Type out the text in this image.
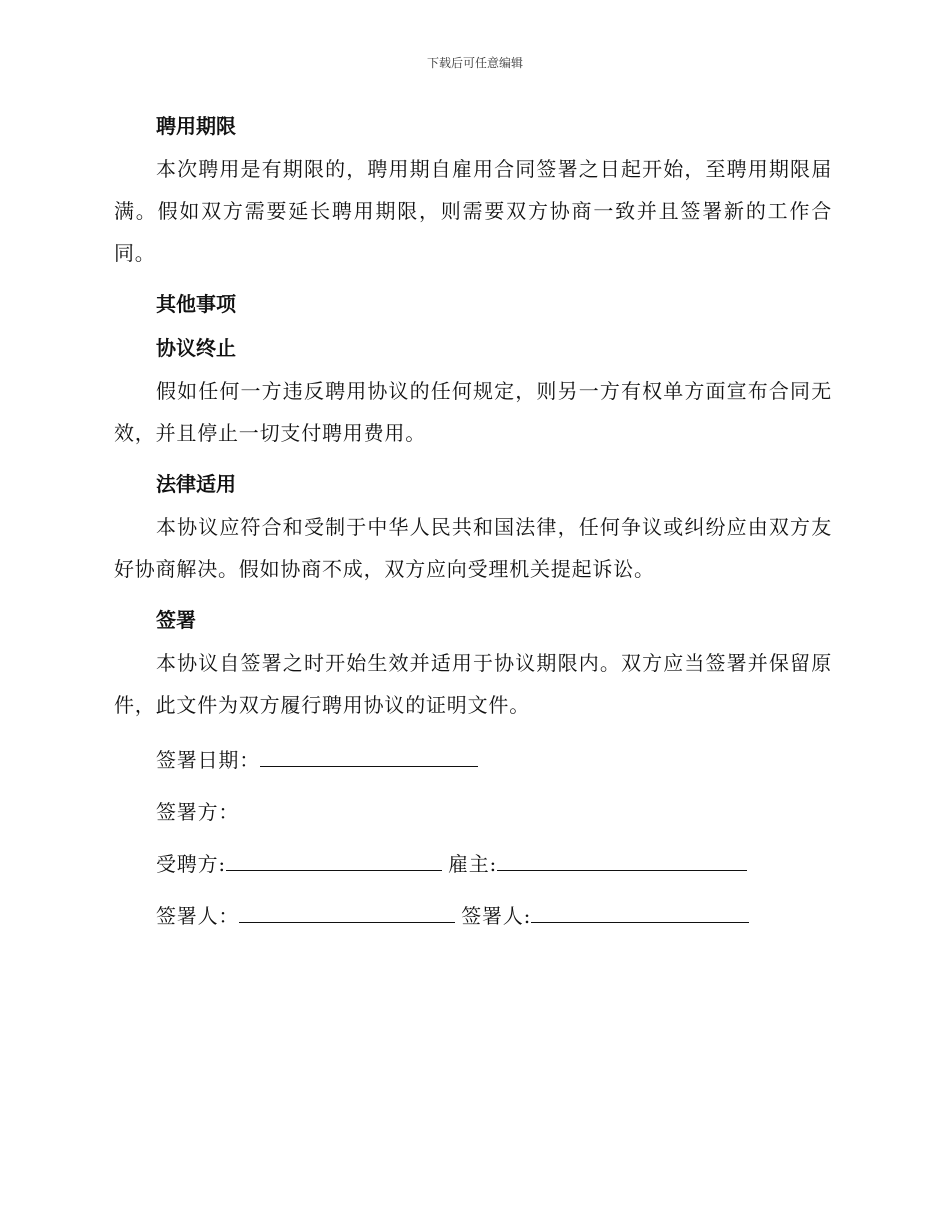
下载后可任意编辑
聘用期限

本次聘用是有期限的，聘用期自雇用合同签署之日起开始，至聘用期限届满。假如双方需要延长聘用期限，则需要双方协商一致并且签署新的工作合同。

其他事项
协议终止

假如任何一方违反聘用协议的任何规定，则另一方有权单方面宣布合同无效，并且停止一切支付聘用费用。

法律适用

本协议应符合和受制于中华人民共和国法律，任何争议或纠纷应由双方友好协商解决。假如协商不成，双方应向受理机关提起诉讼。

签署

本协议自签署之时开始生效并适用于协议期限内。双方应当签署并保留原件，此文件为双方履行聘用协议的证明文件。

签署日期：
签署方：
受聘方:	雇主:
签署人：	签署人:
